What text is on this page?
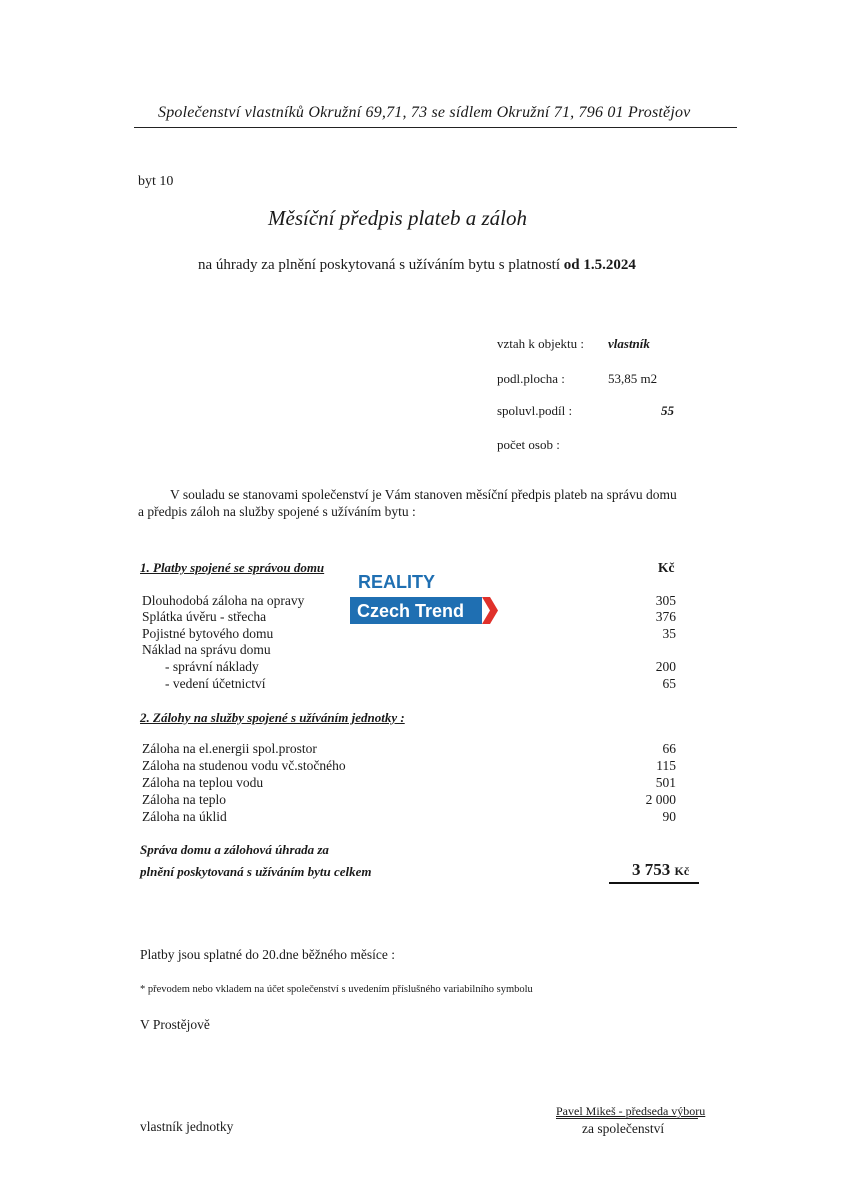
Společenství vlastníků Okružní 69,71, 73 se sídlem Okružní 71, 796 01 Prostějov
byt 10
Měsíční předpis plateb a záloh
na úhrady za plnění poskytovaná s užíváním bytu s platností od 1.5.2024
vztah k objektu : vlastník
podl.plocha :	53,85 m2
spoluvl.podíl :	55
počet osob :
V souladu se stanovami společenství je Vám stanoven měsíční předpis plateb na správu domu
a předpis záloh na služby spojené s užíváním bytu :
1. Platby spojené se správou domu	Kč
Dlouhodobá záloha na opravy	305
Splátka úvěru - střecha	376
Pojistné bytového domu	35
Náklad na správu domu
- správní náklady	200
- vedení účetnictví	65
2. Zálohy na služby spojené s užíváním jednotky :
Záloha na el.energii spol.prostor	66
Záloha na studenou vodu vč.stočného	115
Záloha na teplou vodu	501
Záloha na teplo	2 000
Záloha na úklid	90
Správa domu a zálohová úhrada za
plnění poskytovaná s užíváním bytu celkem	3 753 Kč
Platby jsou splatné do 20.dne běžného měsíce :
* převodem nebo vkladem na účet společenství s uvedením příslušného variabilního symbolu
V Prostějově
vlastník jednotky
Pavel Mikeš - předseda výboru
za společenství
REALITY
Czech Trend
